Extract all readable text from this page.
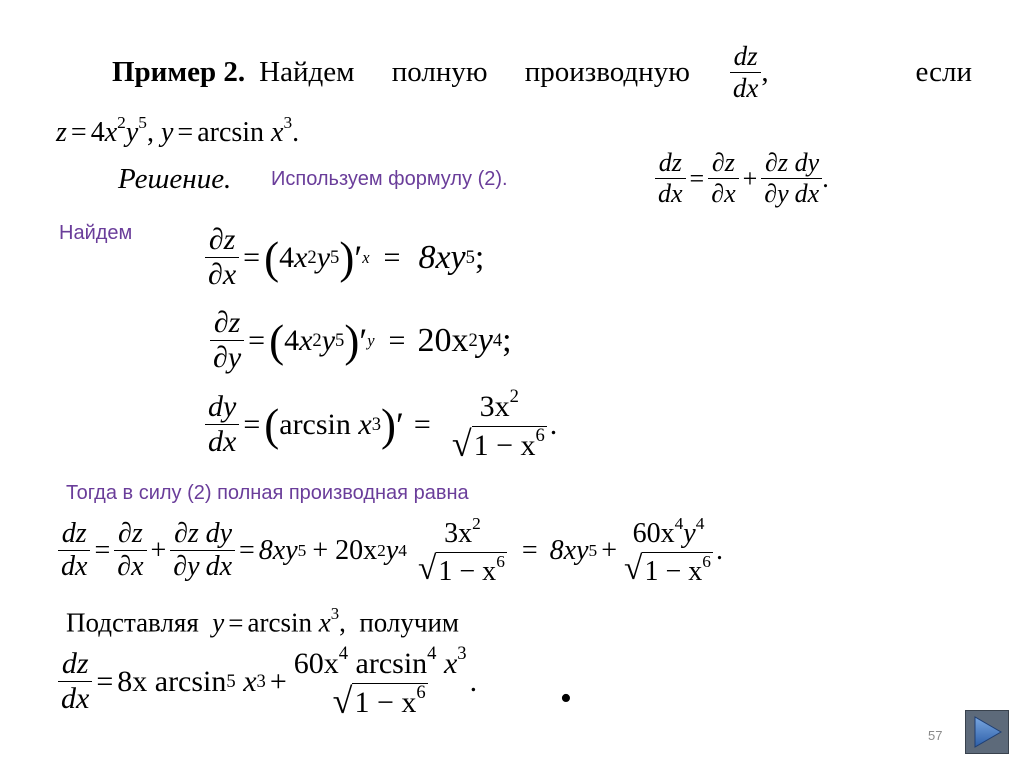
Пример 2. Найдем полную производную $\frac{dz}{dx}$ ,	если
$z = 4x^2y^5$, $y = \arcsin x^3$.
Решение. Используем формулу (2).	$\frac{dz}{dx} = \frac{\partial z}{\partial x} + \frac{\partial z}{\partial y} \frac{dy}{dx}$ .
Найдем $\frac{\partial z}{\partial x}$ = ( 4 x 2 y 5 ) ′ x = 8xy 5 ;
$\frac{\partial z}{\partial y}$ = ( 4 x 2 y 5 ) ′ y = 20x 2 y 4 ;
$\frac{dy}{dx}$ = ( arcsin
x 3 ) ′ =
$3x^2$
√ $1 - x^6$ .
Тогда в силу (2) полная производная равна
$\frac{dz}{dx} = \frac{\partial z}{\partial x} + \frac{\partial z}{\partial y} \frac{dy}{dx} = 8xy$ 5 + 20x 2 y 4
$3x^2$
√ $1 - x^6 = 8xy$ 5 +
$60x^4y^4$
√ $1 - x^6$ .
Подставляя $y = \arcsin x^3$, получим
$\frac{dz}{dx} = 8x$ arcsin 5
x 3 +
$60x^4$ $\arcsin^4 x^3$
√ $1 - x^6$ . •
57
